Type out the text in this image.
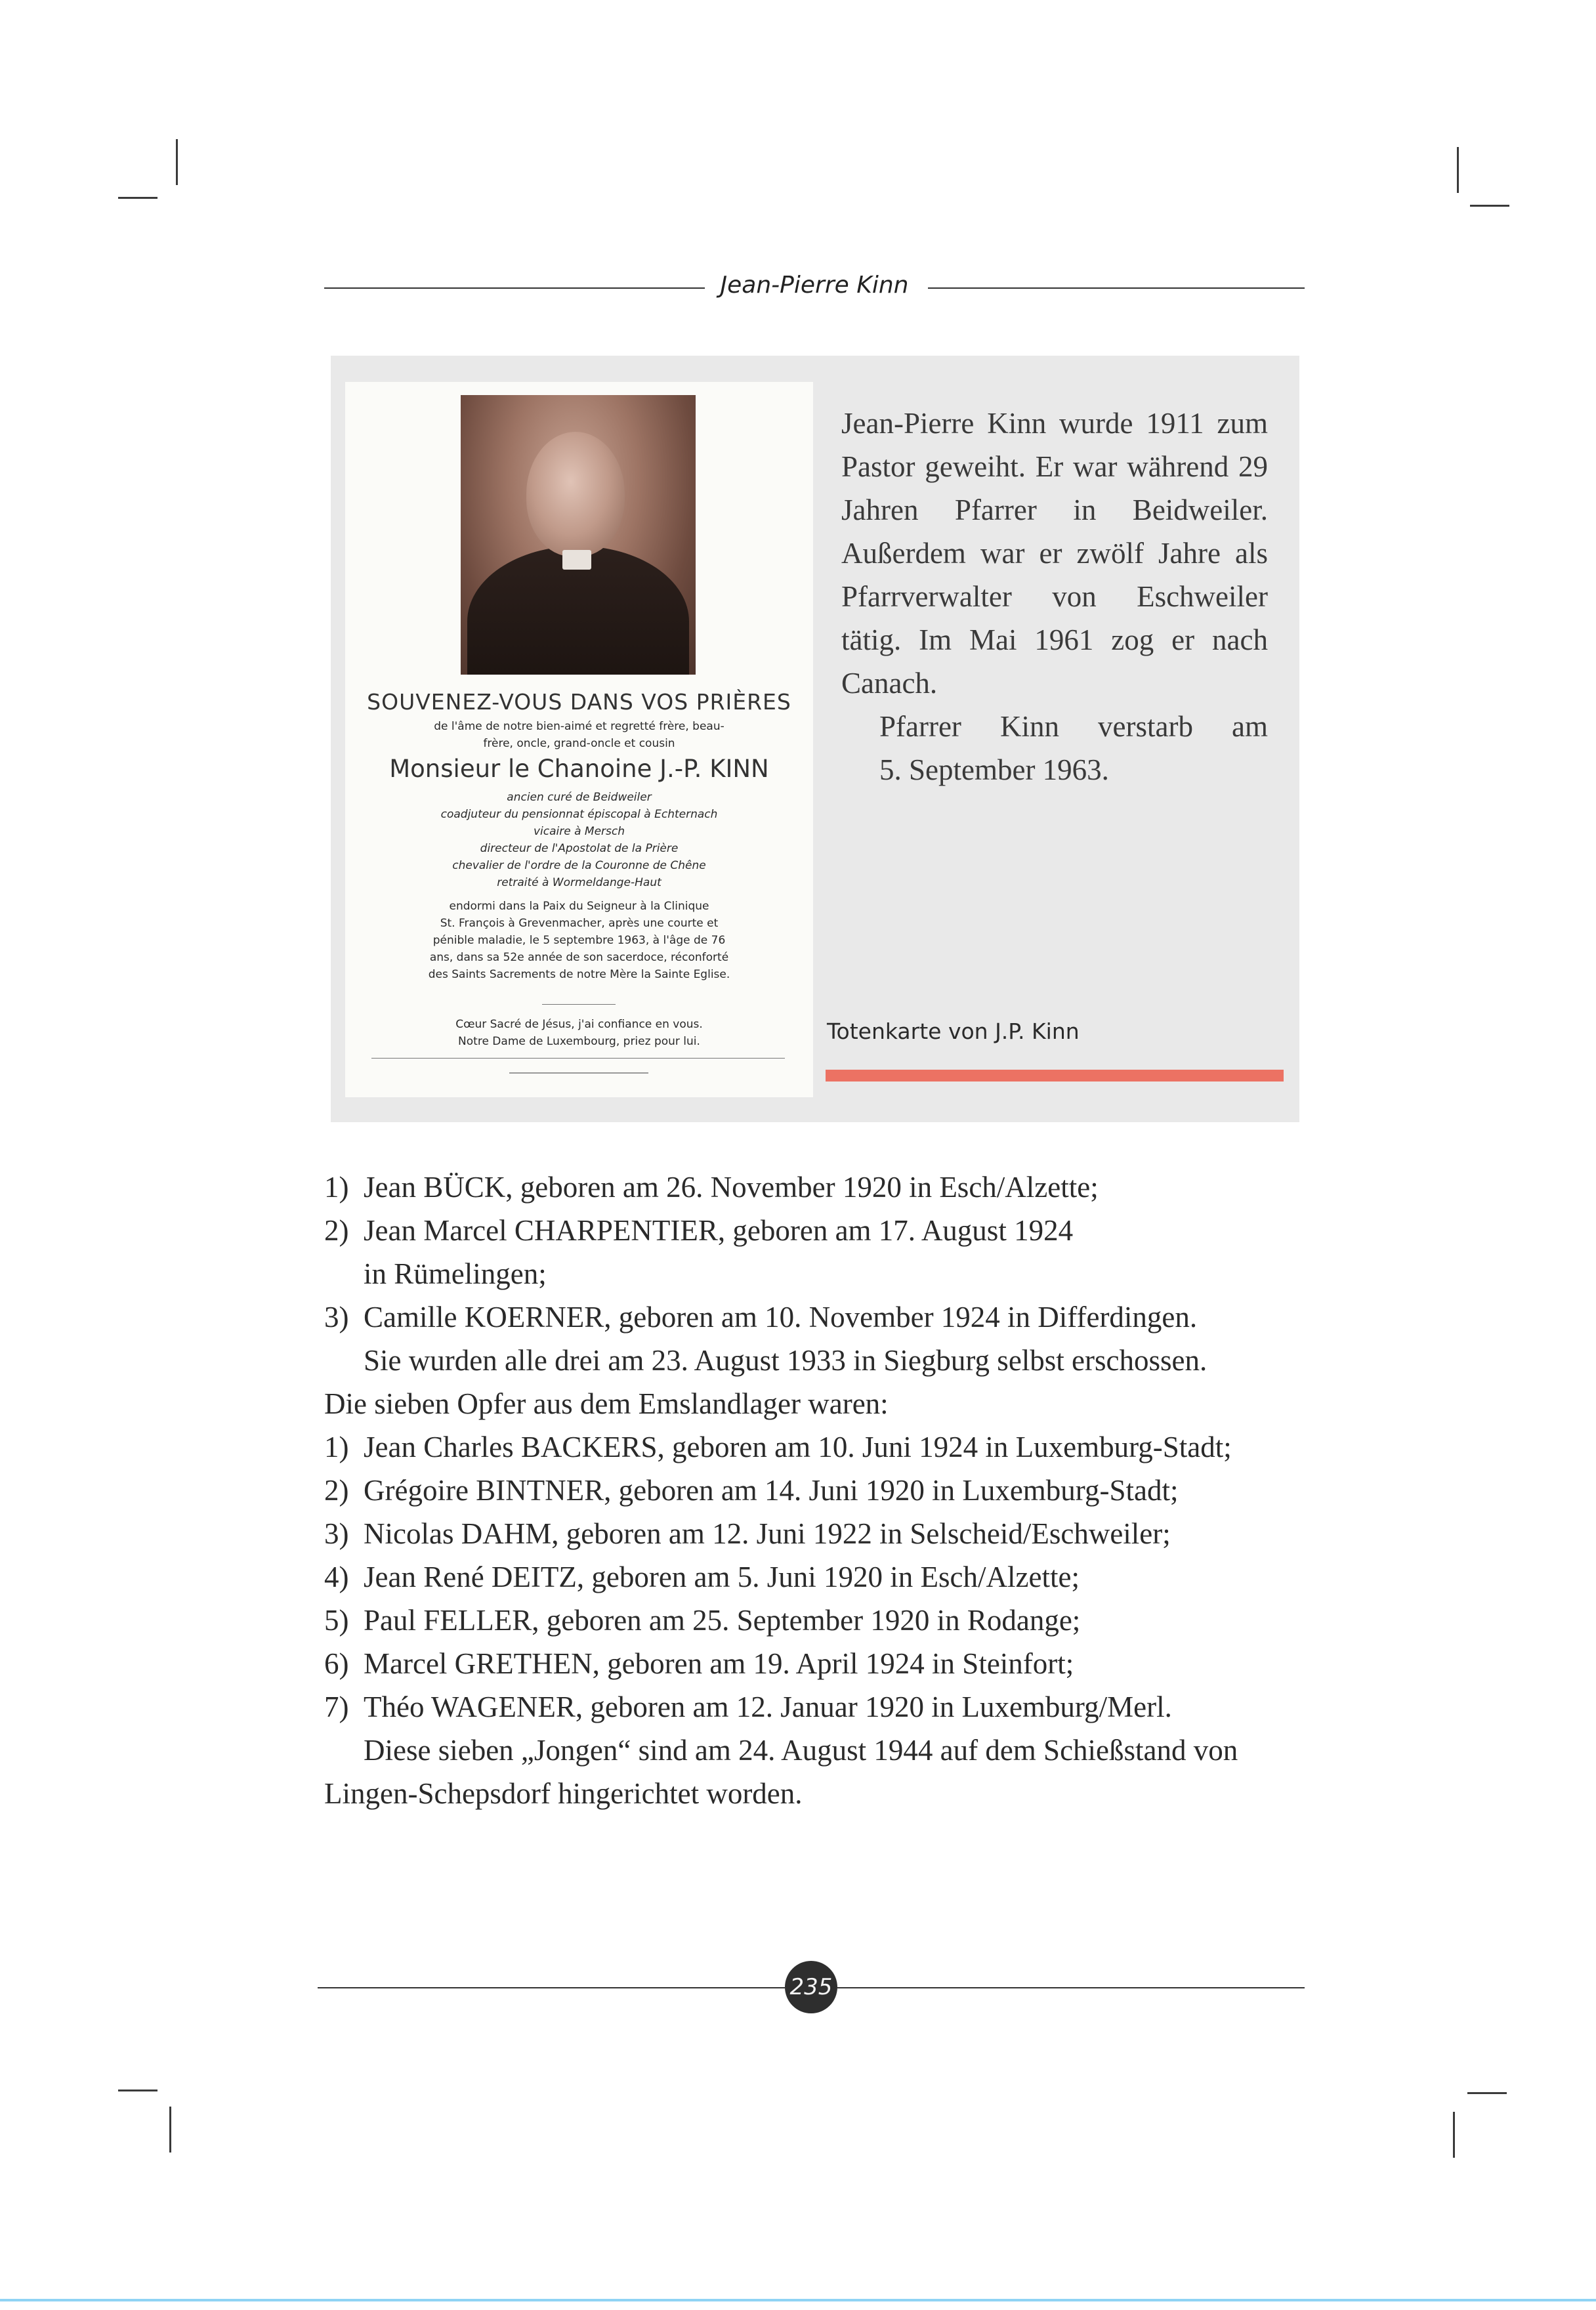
Jean-Pierre Kinn
SOUVENEZ-VOUS DANS VOS PRIÈRES
de l'âme de notre bien-aimé et regretté frère, beau-
frère, oncle, grand-oncle et cousin
Monsieur le Chanoine J.-P. KINN
ancien curé de Beidweiler
coadjuteur du pensionnat épiscopal à Echternach
vicaire à Mersch
directeur de l'Apostolat de la Prière
chevalier de l'ordre de la Couronne de Chêne
retraité à Wormeldange-Haut
endormi dans la Paix du Seigneur à la Clinique
St. François à Grevenmacher, après une courte et
pénible maladie, le 5 septembre 1963, à l'âge de 76
ans, dans sa 52e année de son sacerdoce, réconforté
des Saints Sacrements de notre Mère la Sainte Eglise.
Cœur Sacré de Jésus, j'ai confiance en vous.
Notre Dame de Luxembourg, priez pour lui.

Jean-Pierre Kinn wurde 1911 zum Pastor geweiht. Er war während 29 Jahren Pfarrer in Beidweiler. Außerdem war er zwölf Jahre als Pfarrverwalter von Eschweiler tätig. Im Mai 1961 zog er nach Canach.

Pfarrer Kinn verstarb am

5. September 1963.

Totenkarte von J.P. Kinn
1) Jean BÜCK, geboren am 26. November 1920 in Esch/Alzette;
2) Jean Marcel CHARPENTIER, geboren am 17. August 1924
in Rümelingen;
3) Camille KOERNER, geboren am 10. November 1924 in Differdingen.
Sie wurden alle drei am 23. August 1933 in Siegburg selbst erschossen.
Die sieben Opfer aus dem Emslandlager waren:
1) Jean Charles BACKERS, geboren am 10. Juni 1924 in Luxemburg-Stadt;
2) Grégoire BINTNER, geboren am 14. Juni 1920 in Luxemburg-Stadt;
3) Nicolas DAHM, geboren am 12. Juni 1922 in Selscheid/Eschweiler;
4) Jean René DEITZ, geboren am 5. Juni 1920 in Esch/Alzette;
5) Paul FELLER, geboren am 25. September 1920 in Rodange;
6) Marcel GRETHEN, geboren am 19. April 1924 in Steinfort;
7) Théo WAGENER, geboren am 12. Januar 1920 in Luxemburg/Merl.
Diese sieben „Jongen“ sind am 24. August 1944 auf dem Schießstand von
Lingen-Schepsdorf hingerichtet worden.
235
